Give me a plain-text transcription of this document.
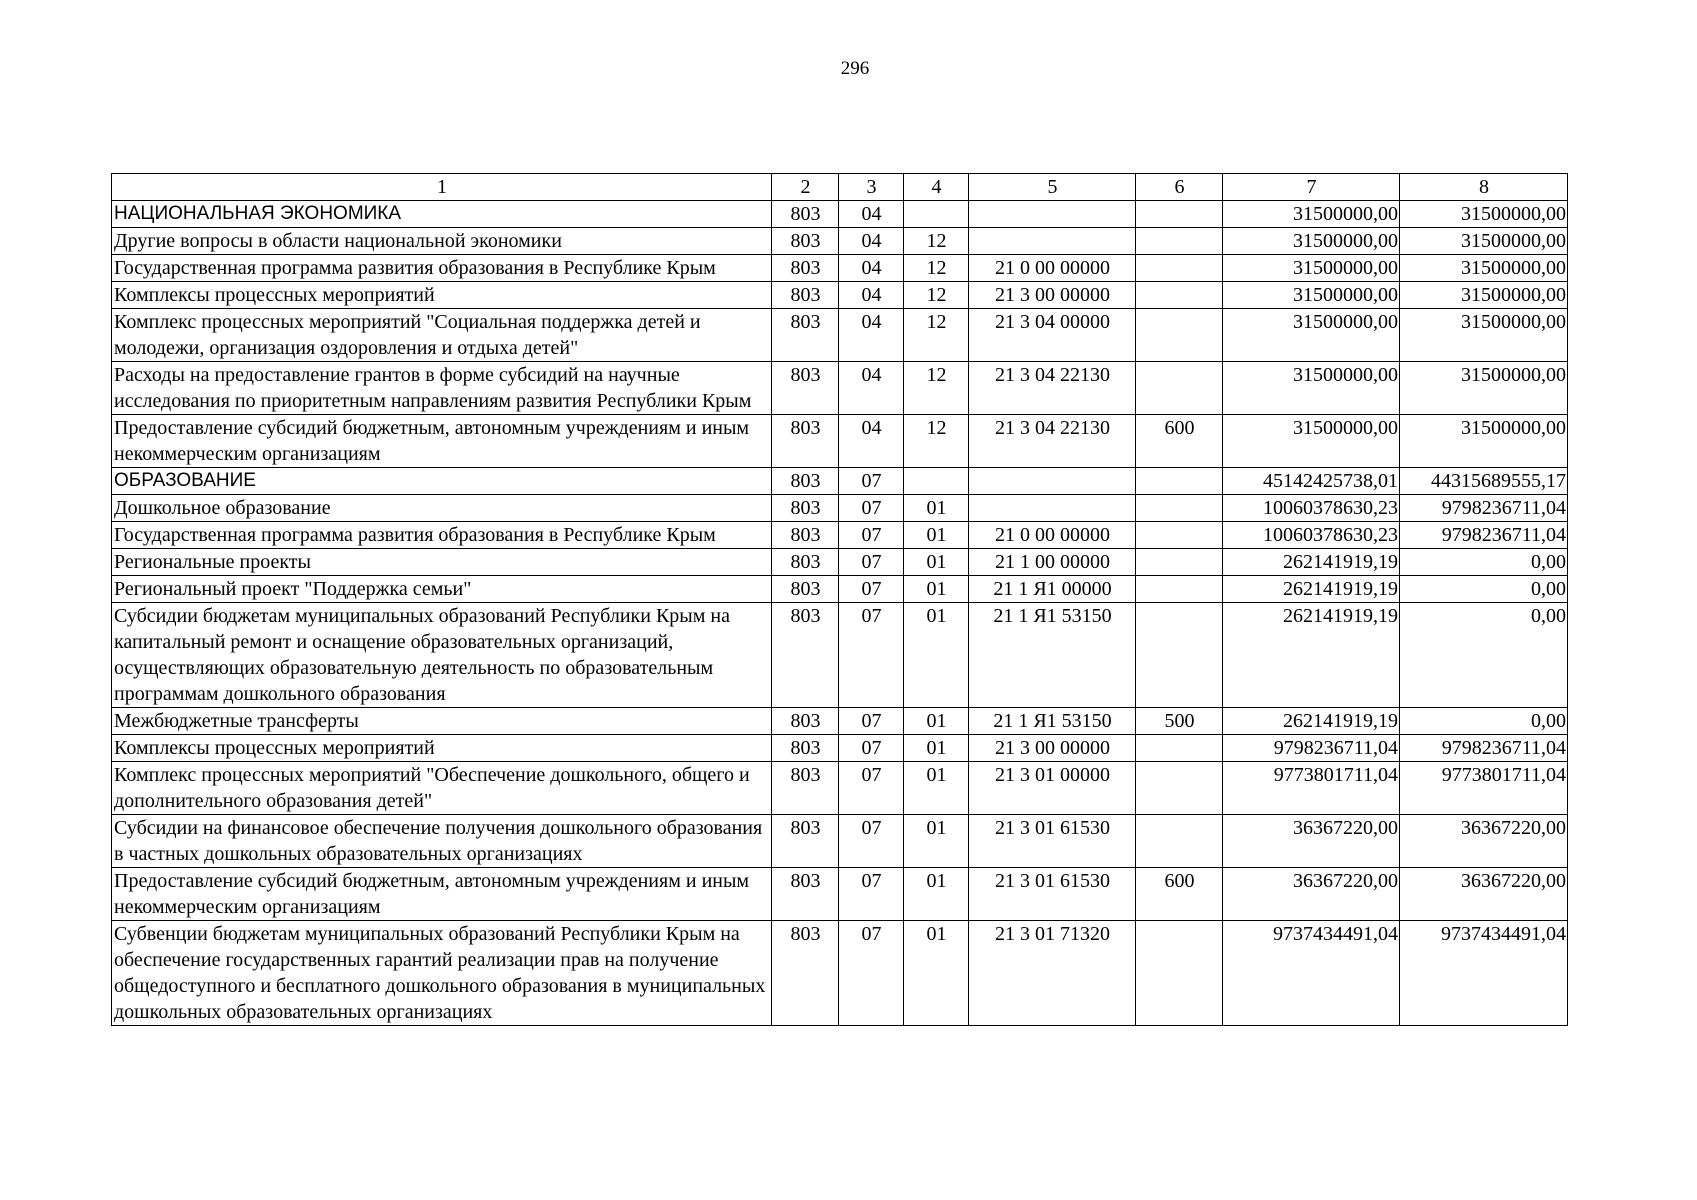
296
1	2	3	4	5	6	7	8
НАЦИОНАЛЬНАЯ ЭКОНОМИКА	803	04				31500000,00	31500000,00
Другие вопросы в области национальной экономики	803	04	12			31500000,00	31500000,00
Государственная программа развития образования в Республике Крым	803	04	12	21 0 00 00000		31500000,00	31500000,00
Комплексы процессных мероприятий	803	04	12	21 3 00 00000		31500000,00	31500000,00
Комплекс процессных мероприятий "Социальная поддержка детей и молодежи, организация оздоровления и отдыха детей"	803	04	12	21 3 04 00000		31500000,00	31500000,00
Расходы на предоставление грантов в форме субсидий на научные исследования по приоритетным направлениям развития Республики Крым	803	04	12	21 3 04 22130		31500000,00	31500000,00
Предоставление субсидий бюджетным, автономным учреждениям и иным некоммерческим организациям	803	04	12	21 3 04 22130	600	31500000,00	31500000,00
ОБРАЗОВАНИЕ	803	07				45142425738,01	44315689555,17
Дошкольное образование	803	07	01			10060378630,23	9798236711,04
Государственная программа развития образования в Республике Крым	803	07	01	21 0 00 00000		10060378630,23	9798236711,04
Региональные проекты	803	07	01	21 1 00 00000		262141919,19	0,00
Региональный проект "Поддержка семьи"	803	07	01	21 1 Я1 00000		262141919,19	0,00
Субсидии бюджетам муниципальных образований Республики Крым на капитальный ремонт и оснащение образовательных организаций, осуществляющих образовательную деятельность по образовательным программам дошкольного образования	803	07	01	21 1 Я1 53150		262141919,19	0,00
Межбюджетные трансферты	803	07	01	21 1 Я1 53150	500	262141919,19	0,00
Комплексы процессных мероприятий	803	07	01	21 3 00 00000		9798236711,04	9798236711,04
Комплекс процессных мероприятий "Обеспечение дошкольного, общего и дополнительного образования детей"	803	07	01	21 3 01 00000		9773801711,04	9773801711,04
Субсидии на финансовое обеспечение получения дошкольного образования в частных дошкольных образовательных организациях	803	07	01	21 3 01 61530		36367220,00	36367220,00
Предоставление субсидий бюджетным, автономным учреждениям и иным некоммерческим организациям	803	07	01	21 3 01 61530	600	36367220,00	36367220,00
Субвенции бюджетам муниципальных образований Республики Крым на обеспечение государственных гарантий реализации прав на получение общедоступного и бесплатного дошкольного образования в муниципальных дошкольных образовательных организациях	803	07	01	21 3 01 71320		9737434491,04	9737434491,04
